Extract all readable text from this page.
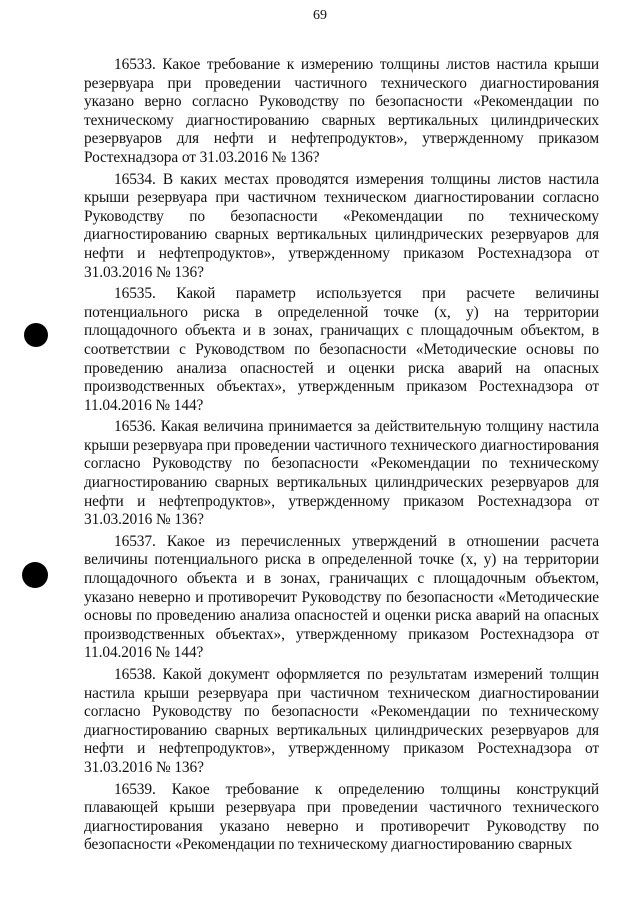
69

16533. Какое требование к измерению толщины листов настила крыши резервуара при проведении частичного технического диагностирования указано верно согласно Руководству по безопасности «Рекомендации по техническому диагностированию сварных вертикальных цилиндрических резервуаров для нефти и нефтепродуктов», утвержденному приказом Ростехнадзора от 31.03.2016 № 136?

16534. В каких местах проводятся измерения толщины листов настила крыши резервуара при частичном техническом диагностировании согласно Руководству по безопасности «Рекомендации по техническому диагностированию сварных вертикальных цилиндрических резервуаров для нефти и нефтепродуктов», утвержденному приказом Ростехнадзора от 31.03.2016 № 136?

16535. Какой параметр используется при расчете величины потенциального риска в определенной точке (x, y) на территории площадочного объекта и в зонах, граничащих с площадочным объектом, в соответствии с Руководством по безопасности «Методические основы по проведению анализа опасностей и оценки риска аварий на опасных производственных объектах», утвержденным приказом Ростехнадзора от 11.04.2016 № 144?

16536. Какая величина принимается за действительную толщину настила крыши резервуара при проведении частичного технического диагностирования согласно Руководству по безопасности «Рекомендации по техническому диагностированию сварных вертикальных цилиндрических резервуаров для нефти и нефтепродуктов», утвержденному приказом Ростехнадзора от 31.03.2016 № 136?

16537. Какое из перечисленных утверждений в отношении расчета величины потенциального риска в определенной точке (x, y) на территории площадочного объекта и в зонах, граничащих с площадочным объектом, указано неверно и противоречит Руководству по безопасности «Методические основы по проведению анализа опасностей и оценки риска аварий на опасных производственных объектах», утвержденному приказом Ростехнадзора от 11.04.2016 № 144?

16538. Какой документ оформляется по результатам измерений толщин настила крыши резервуара при частичном техническом диагностировании согласно Руководству по безопасности «Рекомендации по техническому диагностированию сварных вертикальных цилиндрических резервуаров для нефти и нефтепродуктов», утвержденному приказом Ростехнадзора от 31.03.2016 № 136?

16539. Какое требование к определению толщины конструкций плавающей крыши резервуара при проведении частичного технического диагностирования указано неверно и противоречит Руководству по безопасности «Рекомендации по техническому диагностированию сварных
